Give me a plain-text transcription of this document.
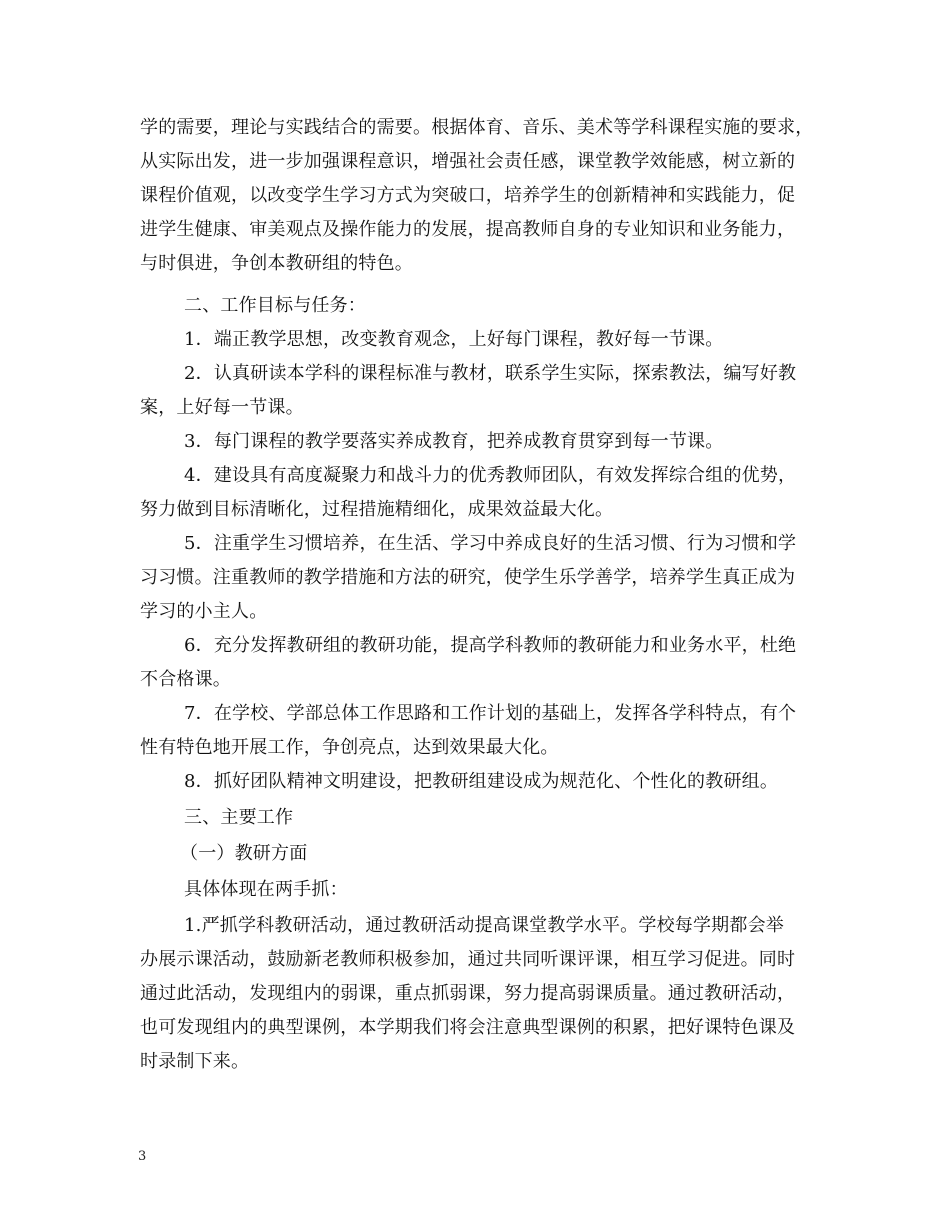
学的需要，理论与实践结合的需要。根据体育、音乐、美术等学科课程实施的要求，
从实际出发，进一步加强课程意识，增强社会责任感，课堂教学效能感，树立新的
课程价值观，以改变学生学习方式为突破口，培养学生的创新精神和实践能力，促
进学生健康、审美观点及操作能力的发展，提高教师自身的专业知识和业务能力，
与时俱进，争创本教研组的特色。
二、工作目标与任务：
1．端正教学思想，改变教育观念，上好每门课程，教好每一节课。
2．认真研读本学科的课程标准与教材，联系学生实际，探索教法，编写好教
案，上好每一节课。
3．每门课程的教学要落实养成教育，把养成教育贯穿到每一节课。
4．建设具有高度凝聚力和战斗力的优秀教师团队，有效发挥综合组的优势，
努力做到目标清晰化，过程措施精细化，成果效益最大化。
5．注重学生习惯培养，在生活、学习中养成良好的生活习惯、行为习惯和学
习习惯。注重教师的教学措施和方法的研究，使学生乐学善学，培养学生真正成为
学习的小主人。
6．充分发挥教研组的教研功能，提高学科教师的教研能力和业务水平，杜绝
不合格课。
7．在学校、学部总体工作思路和工作计划的基础上，发挥各学科特点，有个
性有特色地开展工作，争创亮点，达到效果最大化。
8．抓好团队精神文明建设，把教研组建设成为规范化、个性化的教研组。
三、主要工作
（一）教研方面
具体体现在两手抓：
1.严抓学科教研活动，通过教研活动提高课堂教学水平。学校每学期都会举
办展示课活动，鼓励新老教师积极参加，通过共同听课评课，相互学习促进。同时
通过此活动，发现组内的弱课，重点抓弱课，努力提高弱课质量。通过教研活动，
也可发现组内的典型课例，本学期我们将会注意典型课例的积累，把好课特色课及
时录制下来。
3
